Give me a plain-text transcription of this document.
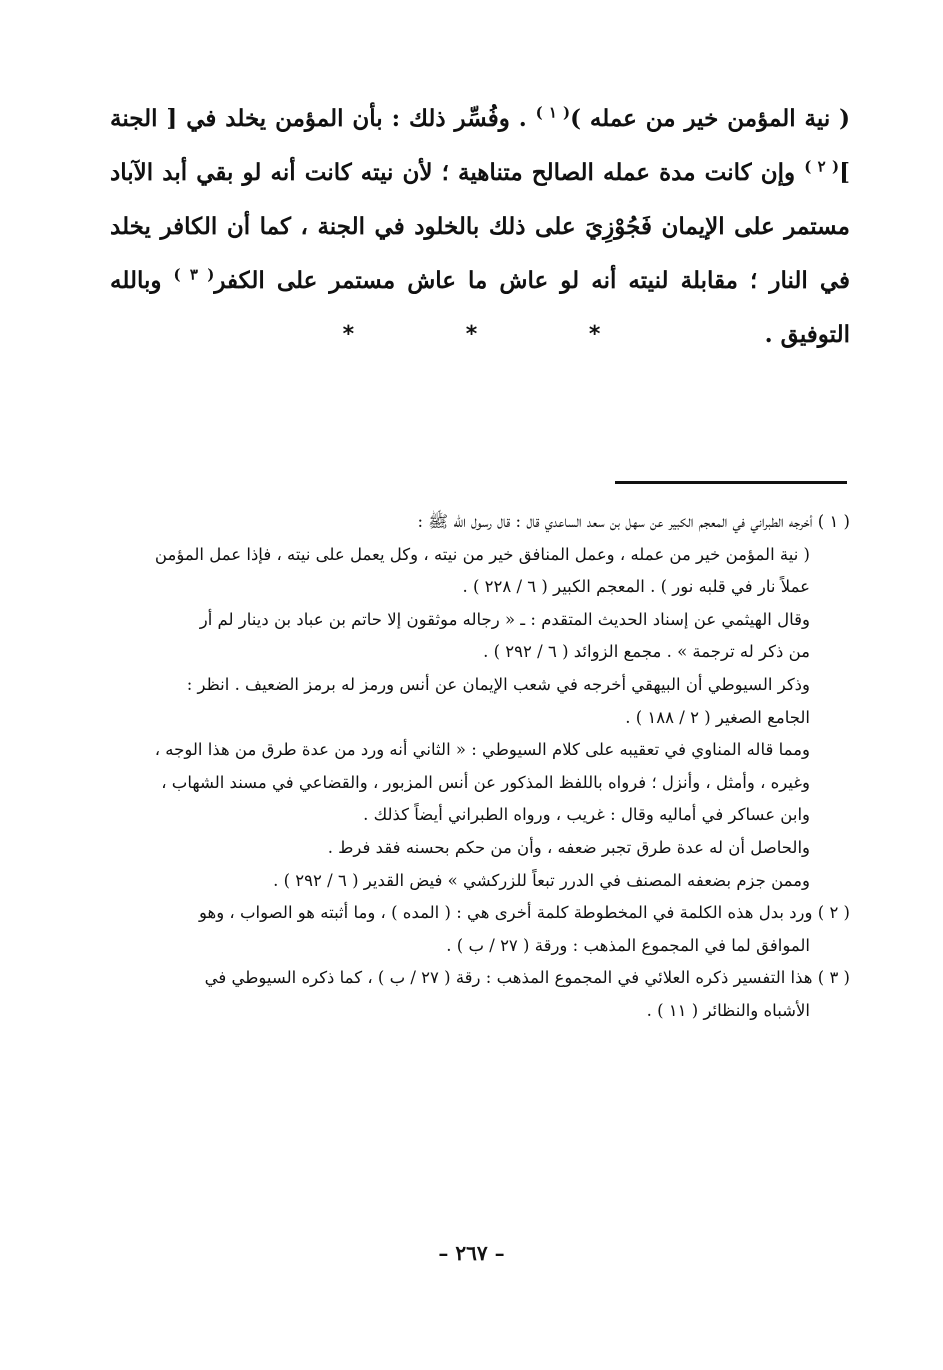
( نية المؤمن خير من عمله )$^{( ١ )}$ . وفُسِّر ذلك : بأن المؤمن يخلد في [ الجنة ]$^{( ٢ )}$ وإن كانت مدة عمله الصالح متناهية ؛ لأن نيته كانت أنه لو بقي أبد الآباد مستمر على الإيمان فَجُوْزِيَ على ذلك بالخلود في الجنة ، كما أن الكافر يخلد في النار ؛ مقابلة لنيته أنه لو عاش ما عاش مستمر على الكفر$^{( ٣ )}$ وبالله التوفيق .

* * *

( ١ ) أخرجه الطبراني في المعجم الكبير عن سهل بن سعد الساعدي قال : قال رسول الله ﷺ :

( نية المؤمن خير من عمله ، وعمل المنافق خير من نيته ، وكل يعمل على نيته ، فإذا عمل المؤمن

عملاً نار في قلبه نور ) . المعجم الكبير ( ٦ / ٢٢٨ ) .

وقال الهيثمي عن إسناد الحديث المتقدم : ـ « رجاله موثقون إلا حاتم بن عباد بن دينار لم أر

من ذكر له ترجمة » . مجمع الزوائد ( ٦ / ٢٩٢ ) .

وذكر السيوطي أن البيهقي أخرجه في شعب الإيمان عن أنس ورمز له برمز الضعيف . انظر :

الجامع الصغير ( ٢ / ١٨٨ ) .

ومما قاله المناوي في تعقيبه على كلام السيوطي : « الثاني أنه ورد من عدة طرق من هذا الوجه ،

وغيره ، وأمثل ، وأنزل ؛ فرواه باللفظ المذكور عن أنس المزبور ، والقضاعي في مسند الشهاب ،

وابن عساكر في أماليه وقال : غريب ، ورواه الطبراني أيضاً كذلك .

والحاصل أن له عدة طرق تجبر ضعفه ، وأن من حكم بحسنه فقد فرط .

وممن جزم بضعفه المصنف في الدرر تبعاً للزركشي » فيض القدير ( ٦ / ٢٩٢ ) .

( ٢ ) ورد بدل هذه الكلمة في المخطوطة كلمة أخرى هي : ( المده ) ، وما أثبته هو الصواب ، وهو

الموافق لما في المجموع المذهب : ورقة ( ٢٧ / ب ) .

( ٣ ) هذا التفسير ذكره العلائي في المجموع المذهب : رقة ( ٢٧ / ب ) ، كما ذكره السيوطي في

الأشباه والنظائر ( ١١ ) .

– ٢٦٧ –
